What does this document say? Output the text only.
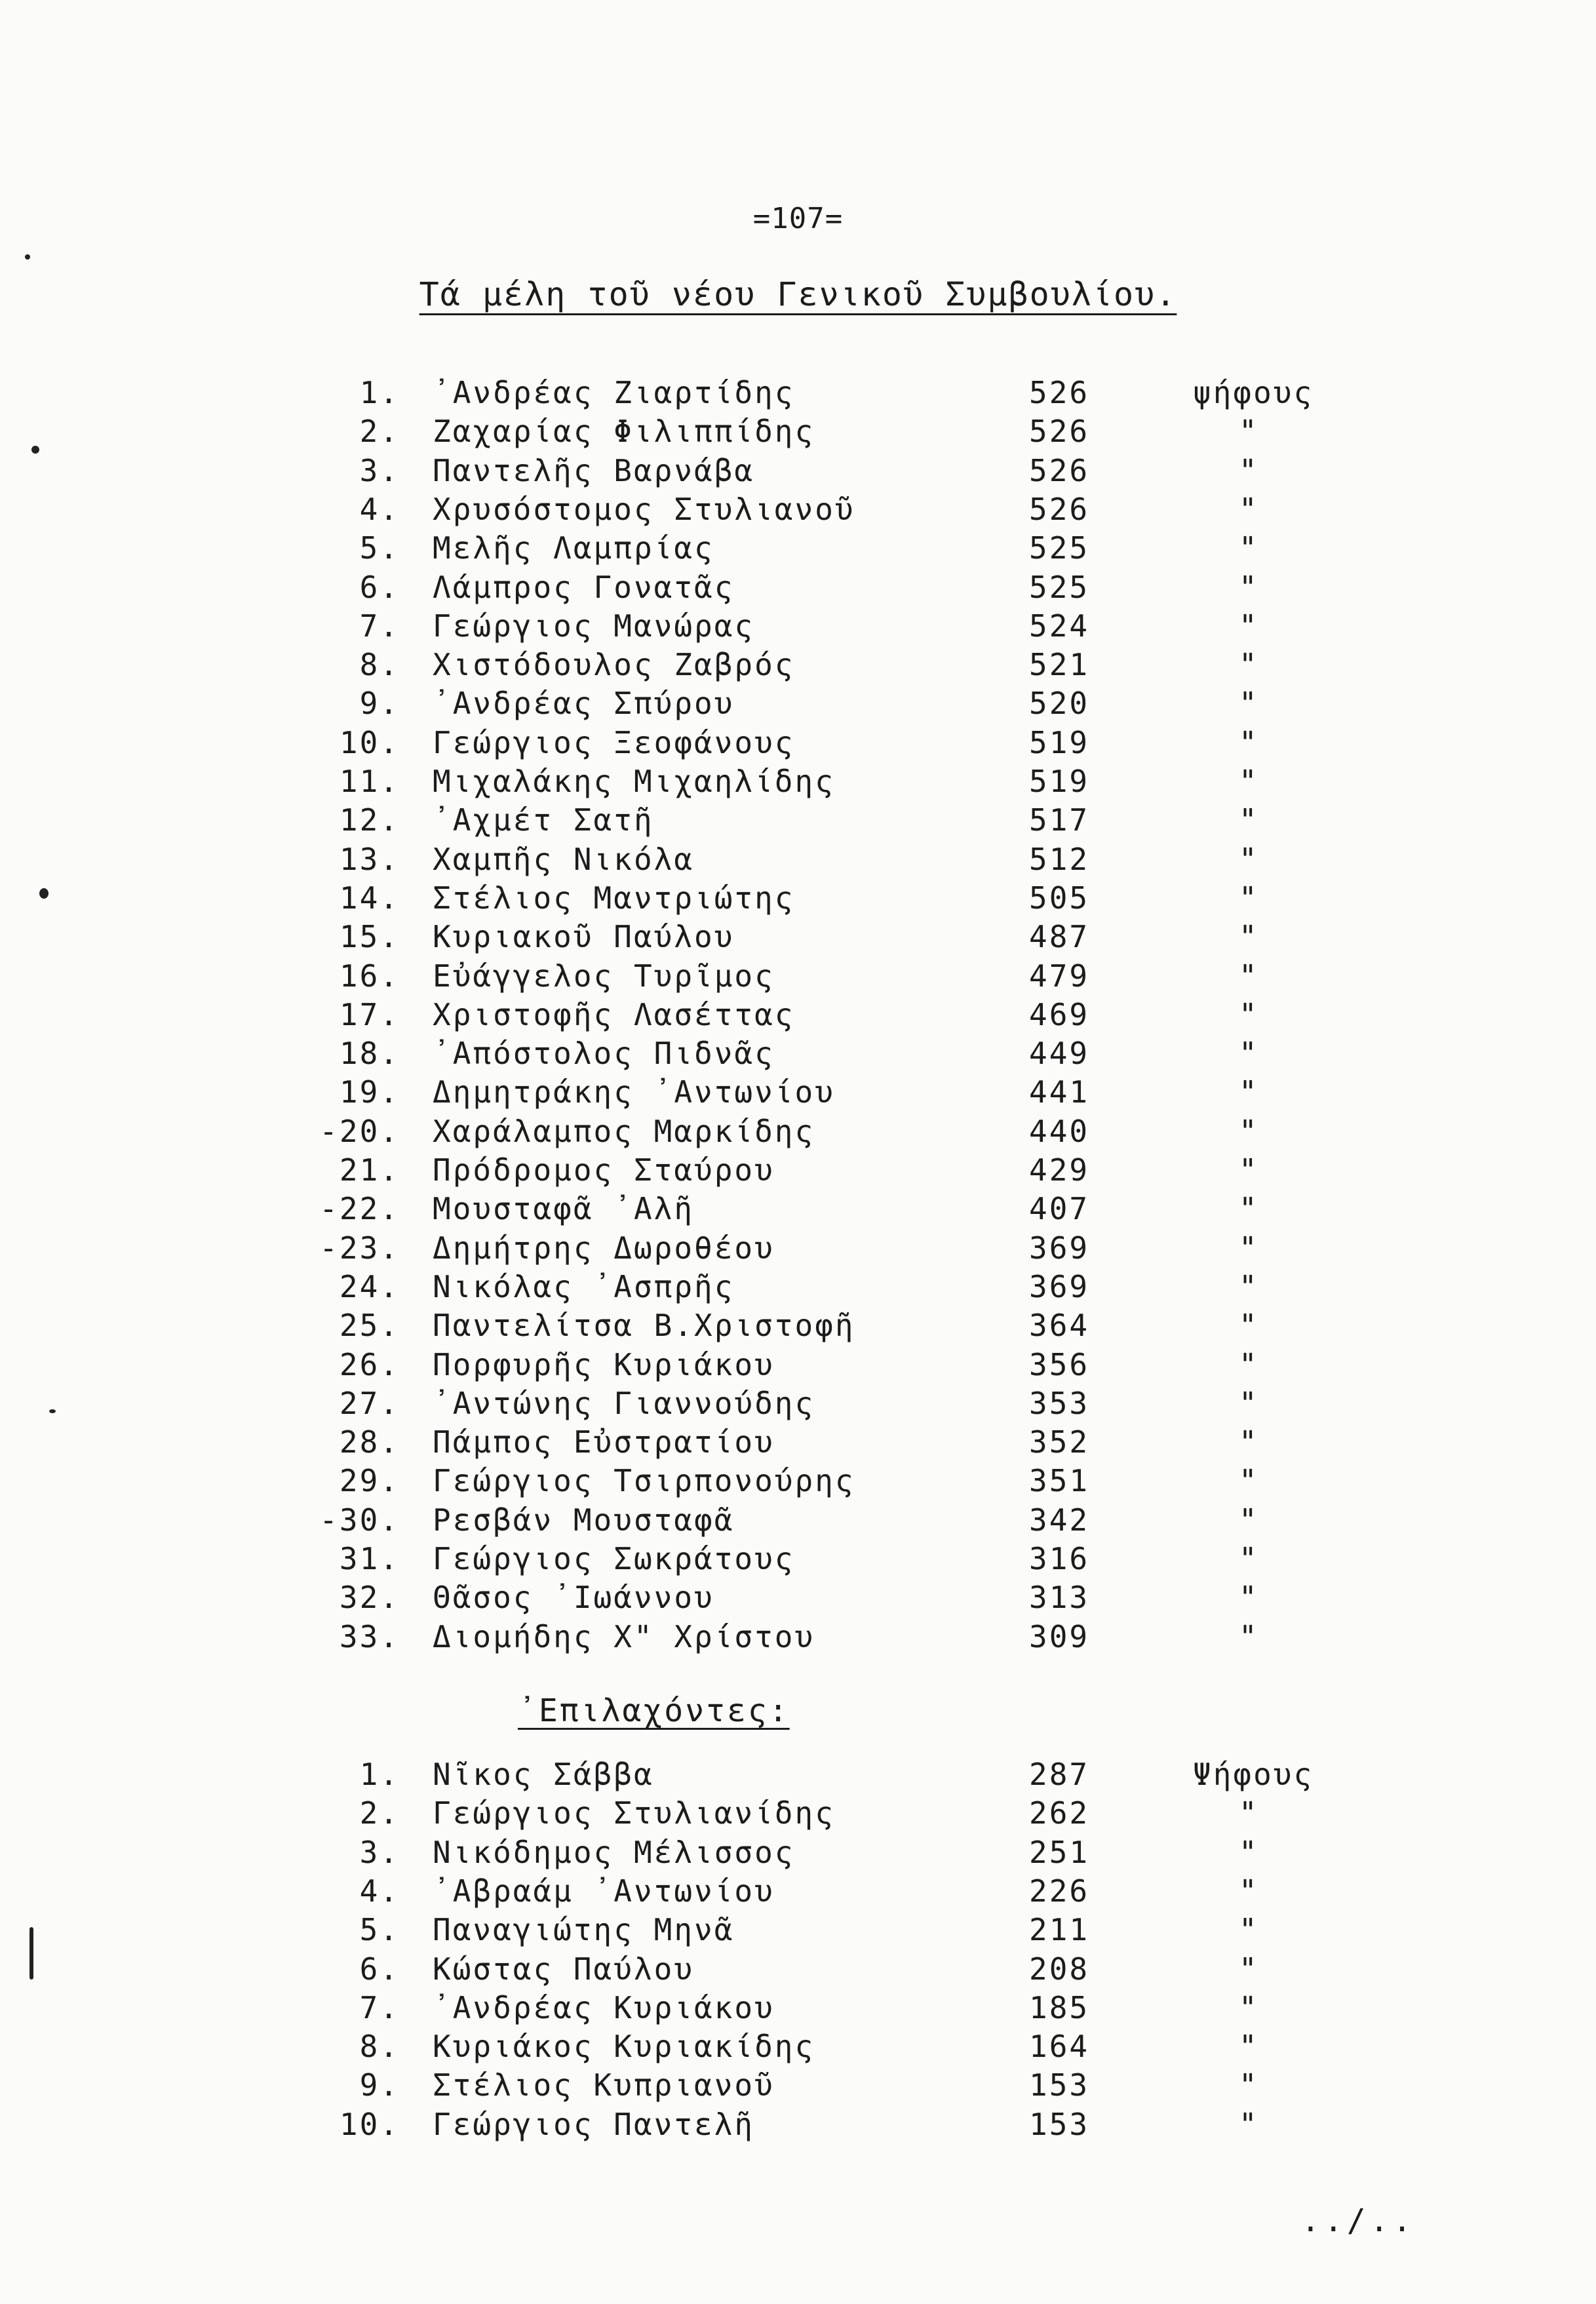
=107=
Τά μέλη τοῦ νέου Γενικοῦ Συμβουλίου.
1. ᾿Ανδρέας Ζιαρτίδης	526	ψήφους
2. Ζαχαρίας Φιλιππίδης	526	"
3. Παντελῆς Βαρνάβα	526	"
4. Χρυσόστομος Στυλιανοῦ	526	"
5. Μελῆς Λαμπρίας	525	"
6. Λάμπρος Γονατᾶς	525	"
7. Γεώργιος Μανώρας	524	"
8. Χιστόδουλος Ζαβρός	521	"
9. ᾿Ανδρέας Σπύρου	520	"
10. Γεώργιος Ξεοφάνους	519	"
11. Μιχαλάκης Μιχαηλίδης	519	"
12. ᾿Αχμέτ Σατῆ	517	"
13. Χαμπῆς Νικόλα	512	"
14. Στέλιος Μαντριώτης	505	"
15. Κυριακοῦ Παύλου	487	"
16. Εὐάγγελος Τυρῖμος	479	"
17. Χριστοφῆς Λασέττας	469	"
18. ᾿Απόστολος Πιδνᾶς	449	"
19. Δημητράκης ᾿Αντωνίου	441	"
-20. Χαράλαμπος Μαρκίδης	440	"
21. Πρόδρομος Σταύρου	429	"
-22. Μουσταφᾶ ᾿Αλῆ	407	"
-23. Δημήτρης Δωροθέου	369	"
24. Νικόλας ᾿Ασπρῆς	369	"
25. Παντελίτσα Β.Χριστοφῆ	364	"
26. Πορφυρῆς Κυριάκου	356	"
27. ᾿Αντώνης Γιαννούδης	353	"
28. Πάμπος Εὐστρατίου	352	"
29. Γεώργιος Τσιρπονούρης	351	"
-30. Ρεσβάν Μουσταφᾶ	342	"
31. Γεώργιος Σωκράτους	316	"
32. Θᾶσος ᾿Ιωάννου	313	"
33. Διομήδης Χ" Χρίστου	309	"
᾿Επιλαχόντες:
1. Νῖκος Σάββα	287	Ψήφους
2. Γεώργιος Στυλιανίδης	262	"
3. Νικόδημος Μέλισσος	251	"
4. ᾿Αβραάμ ᾿Αντωνίου	226	"
5. Παναγιώτης Μηνᾶ	211	"
6. Κώστας Παύλου	208	"
7. ᾿Ανδρέας Κυριάκου	185	"
8. Κυριάκος Κυριακίδης	164	"
9. Στέλιος Κυπριανοῦ	153	"
10. Γεώργιος Παντελῆ	153	"
../..
